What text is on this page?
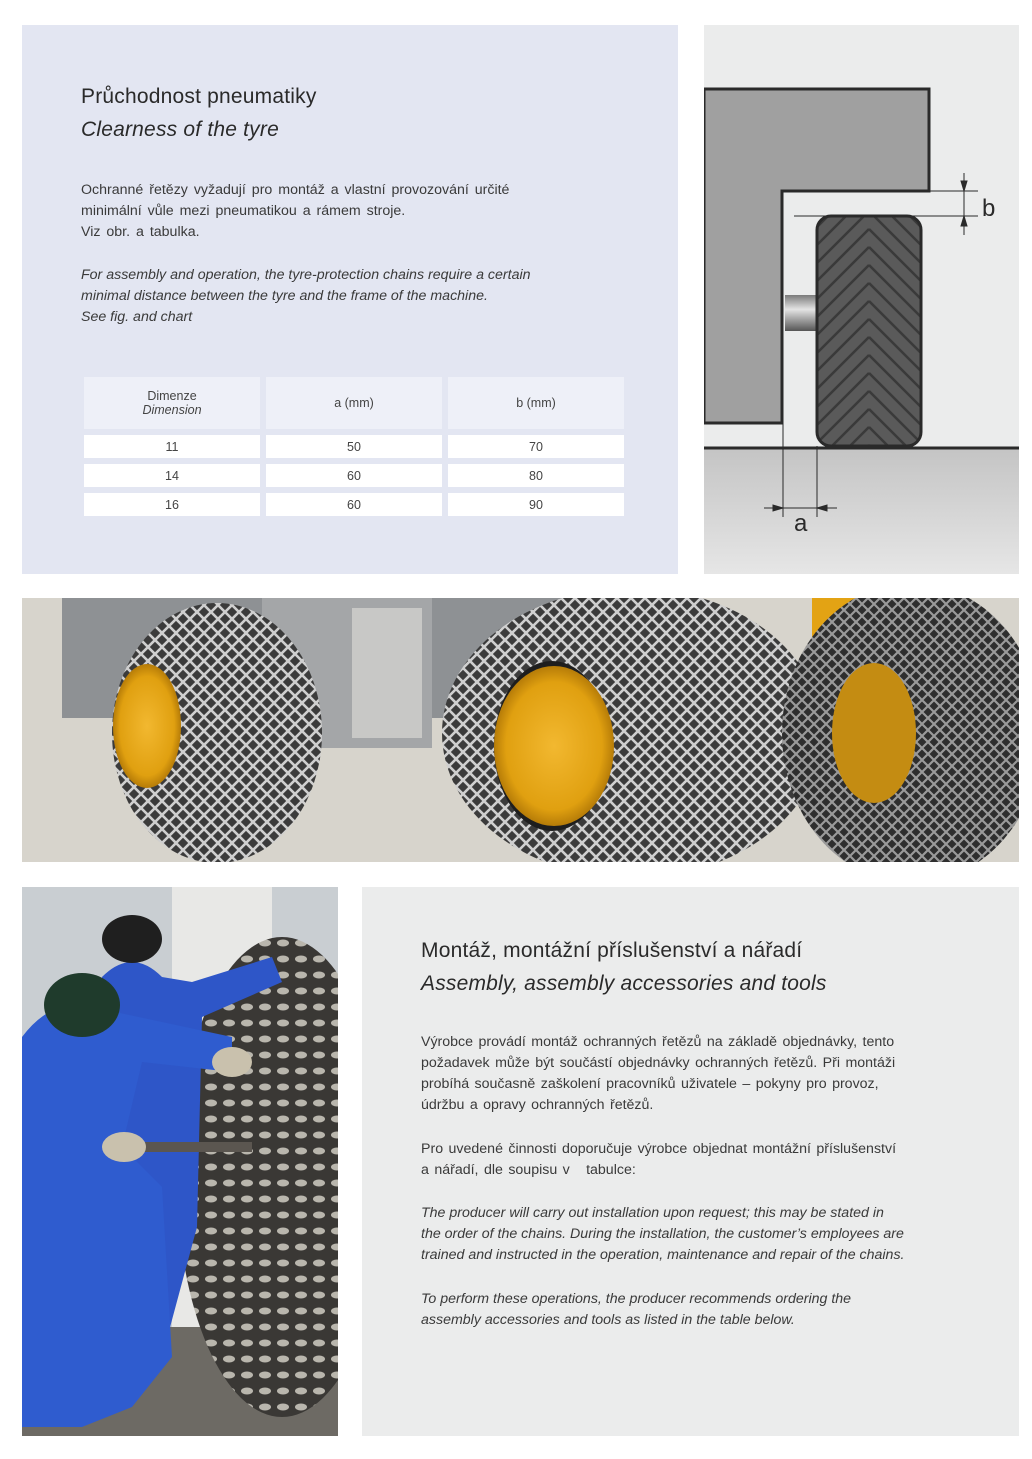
Průchodnost pneumatiky
Clearness of the tyre
Ochranné řetězy vyžadují pro montáž a vlastní provozování určité
minimální vůle mezi pneumatikou a rámem stroje.
Viz obr. a tabulka.
For assembly and operation, the tyre-protection chains require a certain
minimal distance between the tyre and the frame of the machine.
See fig. and chart
Dimenze
Dimension	a (mm)	b (mm)
11	50	70
14	60	80
16	60	90
b
a
Montáž, montážní příslušenství a nářadí
Assembly, assembly accessories and tools
Výrobce provádí montáž ochranných řetězů na základě objednávky, tento
požadavek může být součástí objednávky ochranných řetězů. Při montáži
probíhá současně zaškolení pracovníků uživatele – pokyny pro provoz,
údržbu a opravy ochranných řetězů.
Pro uvedené činnosti doporučuje výrobce objednat montážní příslušenství
a nářadí, dle soupisu v   tabulce:
The producer will carry out installation upon request; this may be stated in
the order of the chains. During the installation, the customer’s employees are
trained and instructed in the operation, maintenance and repair of the chains.
To perform these operations, the producer recommends ordering the
assembly accessories and tools as listed in the table below.
